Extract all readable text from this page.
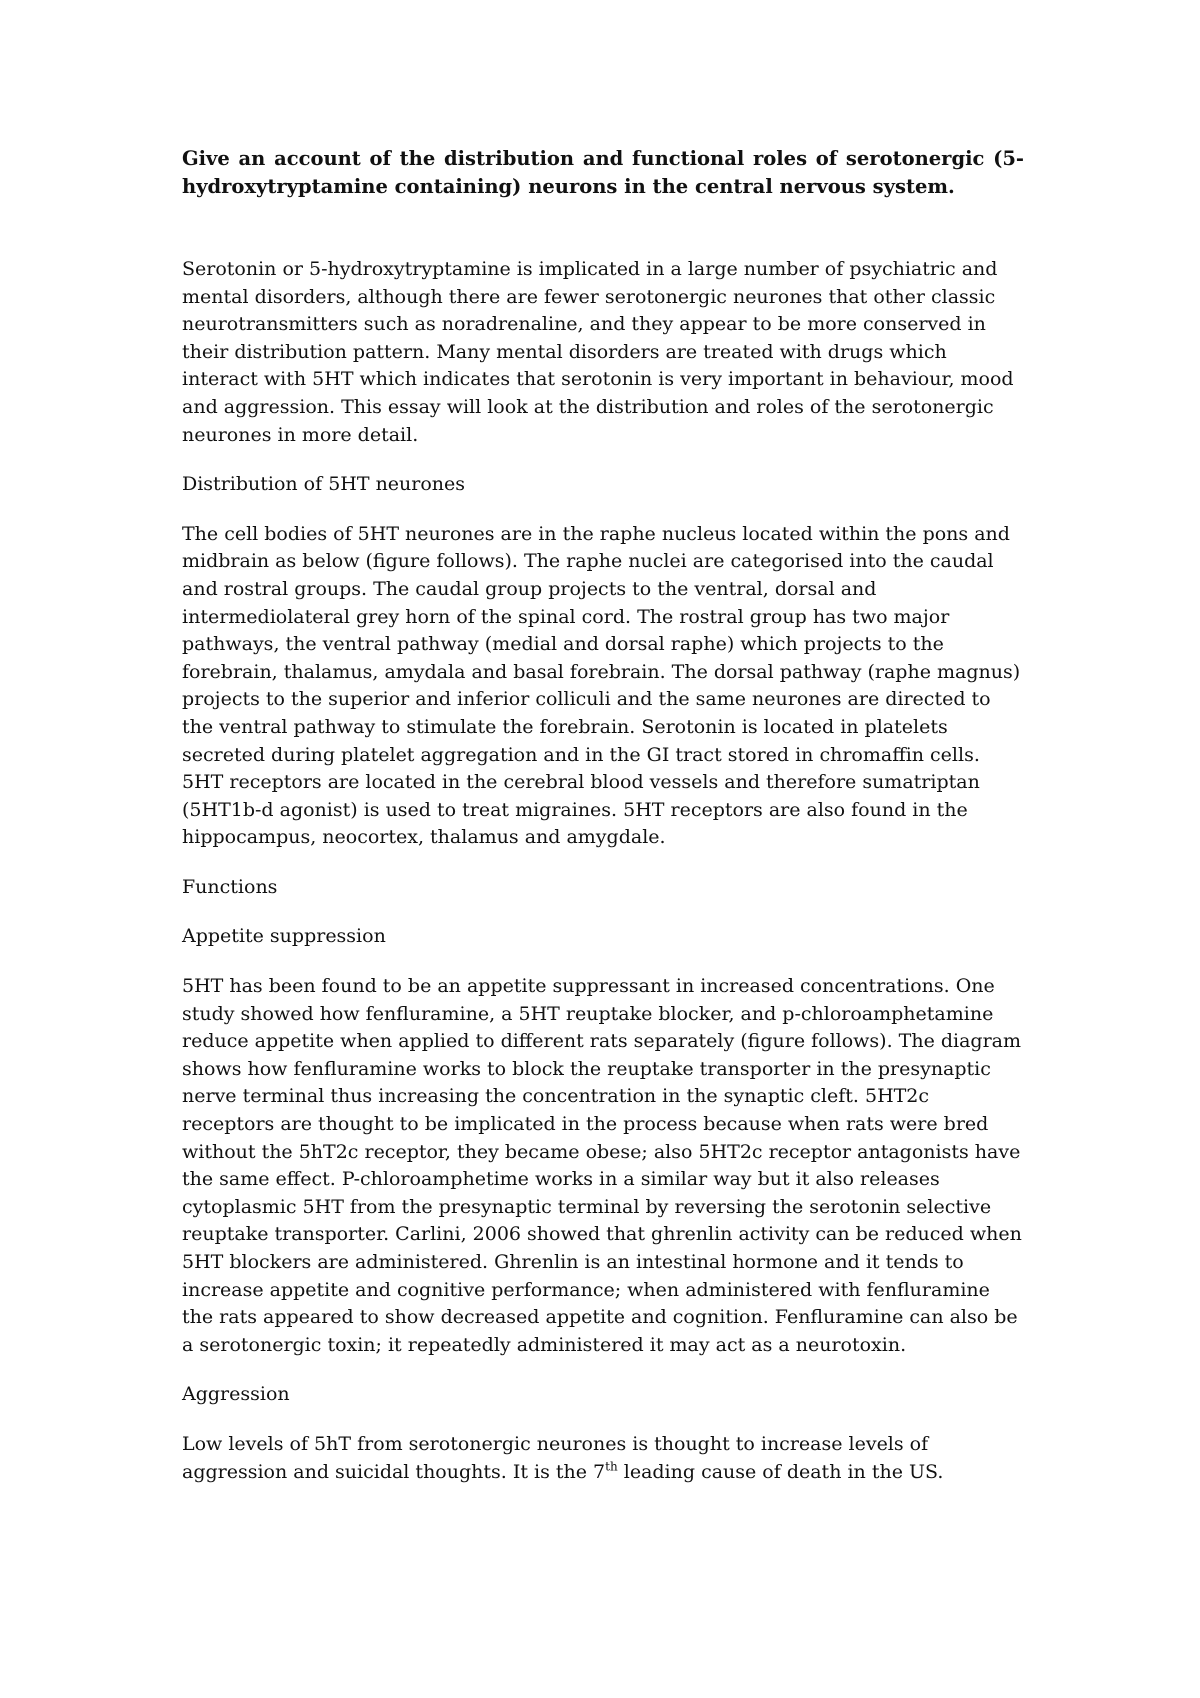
Give an account of the distribution and functional roles of serotonergic (5-hydroxytryptamine containing) neurons in the central nervous system.

Serotonin or 5-hydroxytryptamine is implicated in a large number of psychiatric and mental disorders, although there are fewer serotonergic neurones that other classic neurotransmitters such as noradrenaline, and they appear to be more conserved in their distribution pattern. Many mental disorders are treated with drugs which interact with 5HT which indicates that serotonin is very important in behaviour, mood and aggression. This essay will look at the distribution and roles of the serotonergic neurones in more detail.

Distribution of 5HT neurones

The cell bodies of 5HT neurones are in the raphe nucleus located within the pons and midbrain as below (figure follows). The raphe nuclei are categorised into the caudal and rostral groups. The caudal group projects to the ventral, dorsal and intermediolateral grey horn of the spinal cord. The rostral group has two major pathways, the ventral pathway (medial and dorsal raphe) which projects to the forebrain, thalamus, amydala and basal forebrain. The dorsal pathway (raphe magnus) projects to the superior and inferior colliculi and the same neurones are directed to the ventral pathway to stimulate the forebrain. Serotonin is located in platelets secreted during platelet aggregation and in the GI tract stored in chromaffin cells. 5HT receptors are located in the cerebral blood vessels and therefore sumatriptan (5HT1b-d agonist) is used to treat migraines. 5HT receptors are also found in the hippocampus, neocortex, thalamus and amygdale.

Functions

Appetite suppression

5HT has been found to be an appetite suppressant in increased concentrations. One study showed how fenfluramine, a 5HT reuptake blocker, and p-chloroamphetamine reduce appetite when applied to different rats separately (figure follows). The diagram shows how fenfluramine works to block the reuptake transporter in the presynaptic nerve terminal thus increasing the concentration in the synaptic cleft. 5HT2c receptors are thought to be implicated in the process because when rats were bred without the 5hT2c receptor, they became obese; also 5HT2c receptor antagonists have the same effect. P-chloroamphetime works in a similar way but it also releases cytoplasmic 5HT from the presynaptic terminal by reversing the serotonin selective reuptake transporter. Carlini, 2006 showed that ghrenlin activity can be reduced when 5HT blockers are administered. Ghrenlin is an intestinal hormone and it tends to increase appetite and cognitive performance; when administered with fenfluramine the rats appeared to show decreased appetite and cognition. Fenfluramine can also be a serotonergic toxin; it repeatedly administered it may act as a neurotoxin.

Aggression

Low levels of 5hT from serotonergic neurones is thought to increase levels of aggression and suicidal thoughts. It is the 7th leading cause of death in the US.
